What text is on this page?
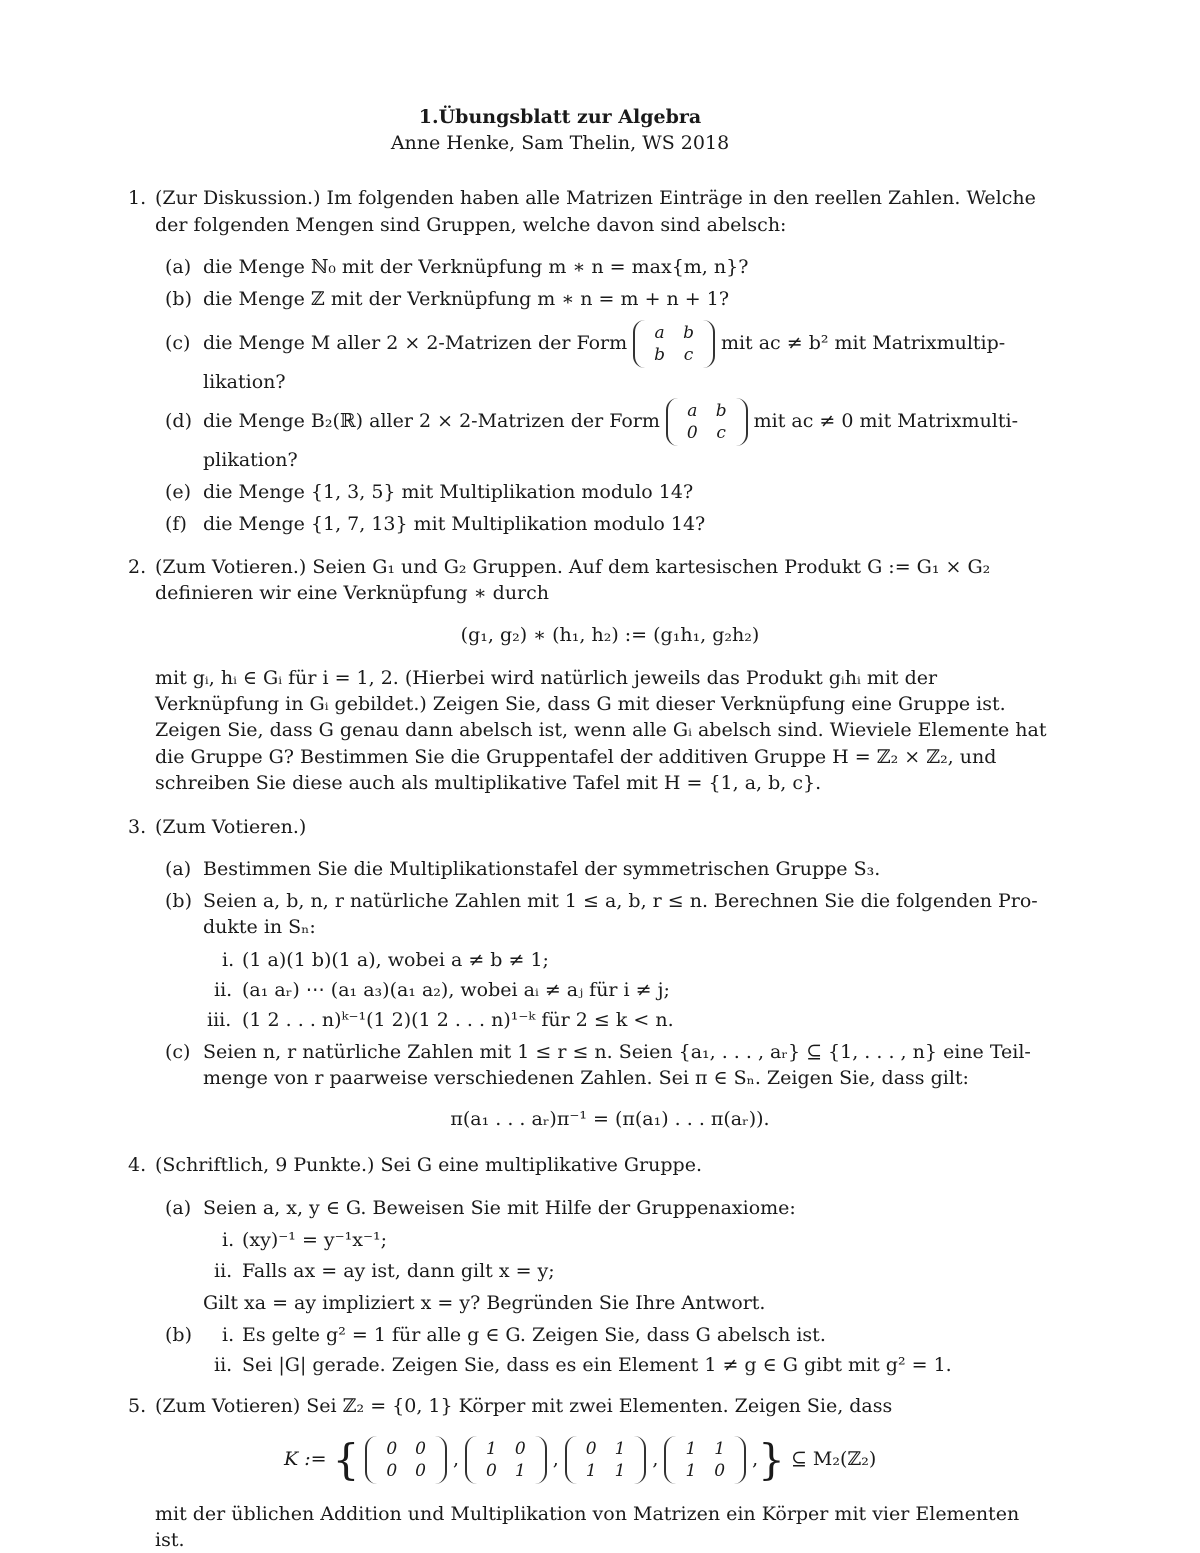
1.Übungsblatt zur Algebra
Anne Henke, Sam Thelin, WS 2018
1. (Zur Diskussion.) Im folgenden haben alle Matrizen Einträge in den reellen Zahlen. Welche
der folgenden Mengen sind Gruppen, welche davon sind abelsch:
(a) die Menge ℕ₀ mit der Verknüpfung m ∗ n = max{m, n}?
(b) die Menge ℤ mit der Verknüpfung m ∗ n = m + n + 1?
(c) die Menge M aller 2 × 2-Matrizen der Form a	b
b	c
mit ac ≠ b² mit Matrixmultip-
likation?
(d) die Menge B₂(ℝ) aller 2 × 2-Matrizen der Form a	b
0	c
mit ac ≠ 0 mit Matrixmulti-
plikation?
(e) die Menge {1, 3, 5} mit Multiplikation modulo 14?
(f) die Menge {1, 7, 13} mit Multiplikation modulo 14?
2. (Zum Votieren.) Seien G₁ und G₂ Gruppen. Auf dem kartesischen Produkt G := G₁ × G₂
definieren wir eine Verknüpfung ∗ durch
(g₁, g₂) ∗ (h₁, h₂) := (g₁h₁, g₂h₂)
mit gᵢ, hᵢ ∈ Gᵢ für i = 1, 2. (Hierbei wird natürlich jeweils das Produkt gᵢhᵢ mit der
Verknüpfung in Gᵢ gebildet.) Zeigen Sie, dass G mit dieser Verknüpfung eine Gruppe ist.
Zeigen Sie, dass G genau dann abelsch ist, wenn alle Gᵢ abelsch sind. Wieviele Elemente hat
die Gruppe G? Bestimmen Sie die Gruppentafel der additiven Gruppe H = ℤ₂ × ℤ₂, und
schreiben Sie diese auch als multiplikative Tafel mit H = {1, a, b, c}.
3. (Zum Votieren.)
(a) Bestimmen Sie die Multiplikationstafel der symmetrischen Gruppe S₃.
(b) Seien a, b, n, r natürliche Zahlen mit 1 ≤ a, b, r ≤ n. Berechnen Sie die folgenden Pro-
dukte in Sₙ:
i. (1 a)(1 b)(1 a), wobei a ≠ b ≠ 1;
ii. (a₁ aᵣ) ⋯ (a₁ a₃)(a₁ a₂), wobei aᵢ ≠ aⱼ für i ≠ j;
iii. (1 2 . . . n)ᵏ⁻¹(1 2)(1 2 . . . n)¹⁻ᵏ für 2 ≤ k < n.
(c) Seien n, r natürliche Zahlen mit 1 ≤ r ≤ n. Seien {a₁, . . . , aᵣ} ⊆ {1, . . . , n} eine Teil-
menge von r paarweise verschiedenen Zahlen. Sei π ∈ Sₙ. Zeigen Sie, dass gilt:
π(a₁ . . . aᵣ)π⁻¹ = (π(a₁) . . . π(aᵣ)).
4. (Schriftlich, 9 Punkte.) Sei G eine multiplikative Gruppe.
(a) Seien a, x, y ∈ G. Beweisen Sie mit Hilfe der Gruppenaxiome:
i. (xy)⁻¹ = y⁻¹x⁻¹;
ii. Falls ax = ay ist, dann gilt x = y;
Gilt xa = ay impliziert x = y? Begründen Sie Ihre Antwort.
(b) i. Es gelte g² = 1 für alle g ∈ G. Zeigen Sie, dass G abelsch ist.
ii. Sei |G| gerade. Zeigen Sie, dass es ein Element 1 ≠ g ∈ G gibt mit g² = 1.
5. (Zum Votieren) Sei ℤ₂ = {0, 1} Körper mit zwei Elementen. Zeigen Sie, dass
K := { 0	0
0	0
, 1	0
0	1
, 0	1
1	1
, 1	1
1	0
,} ⊆ M₂(ℤ₂)
mit der üblichen Addition und Multiplikation von Matrizen ein Körper mit vier Elementen
ist.
